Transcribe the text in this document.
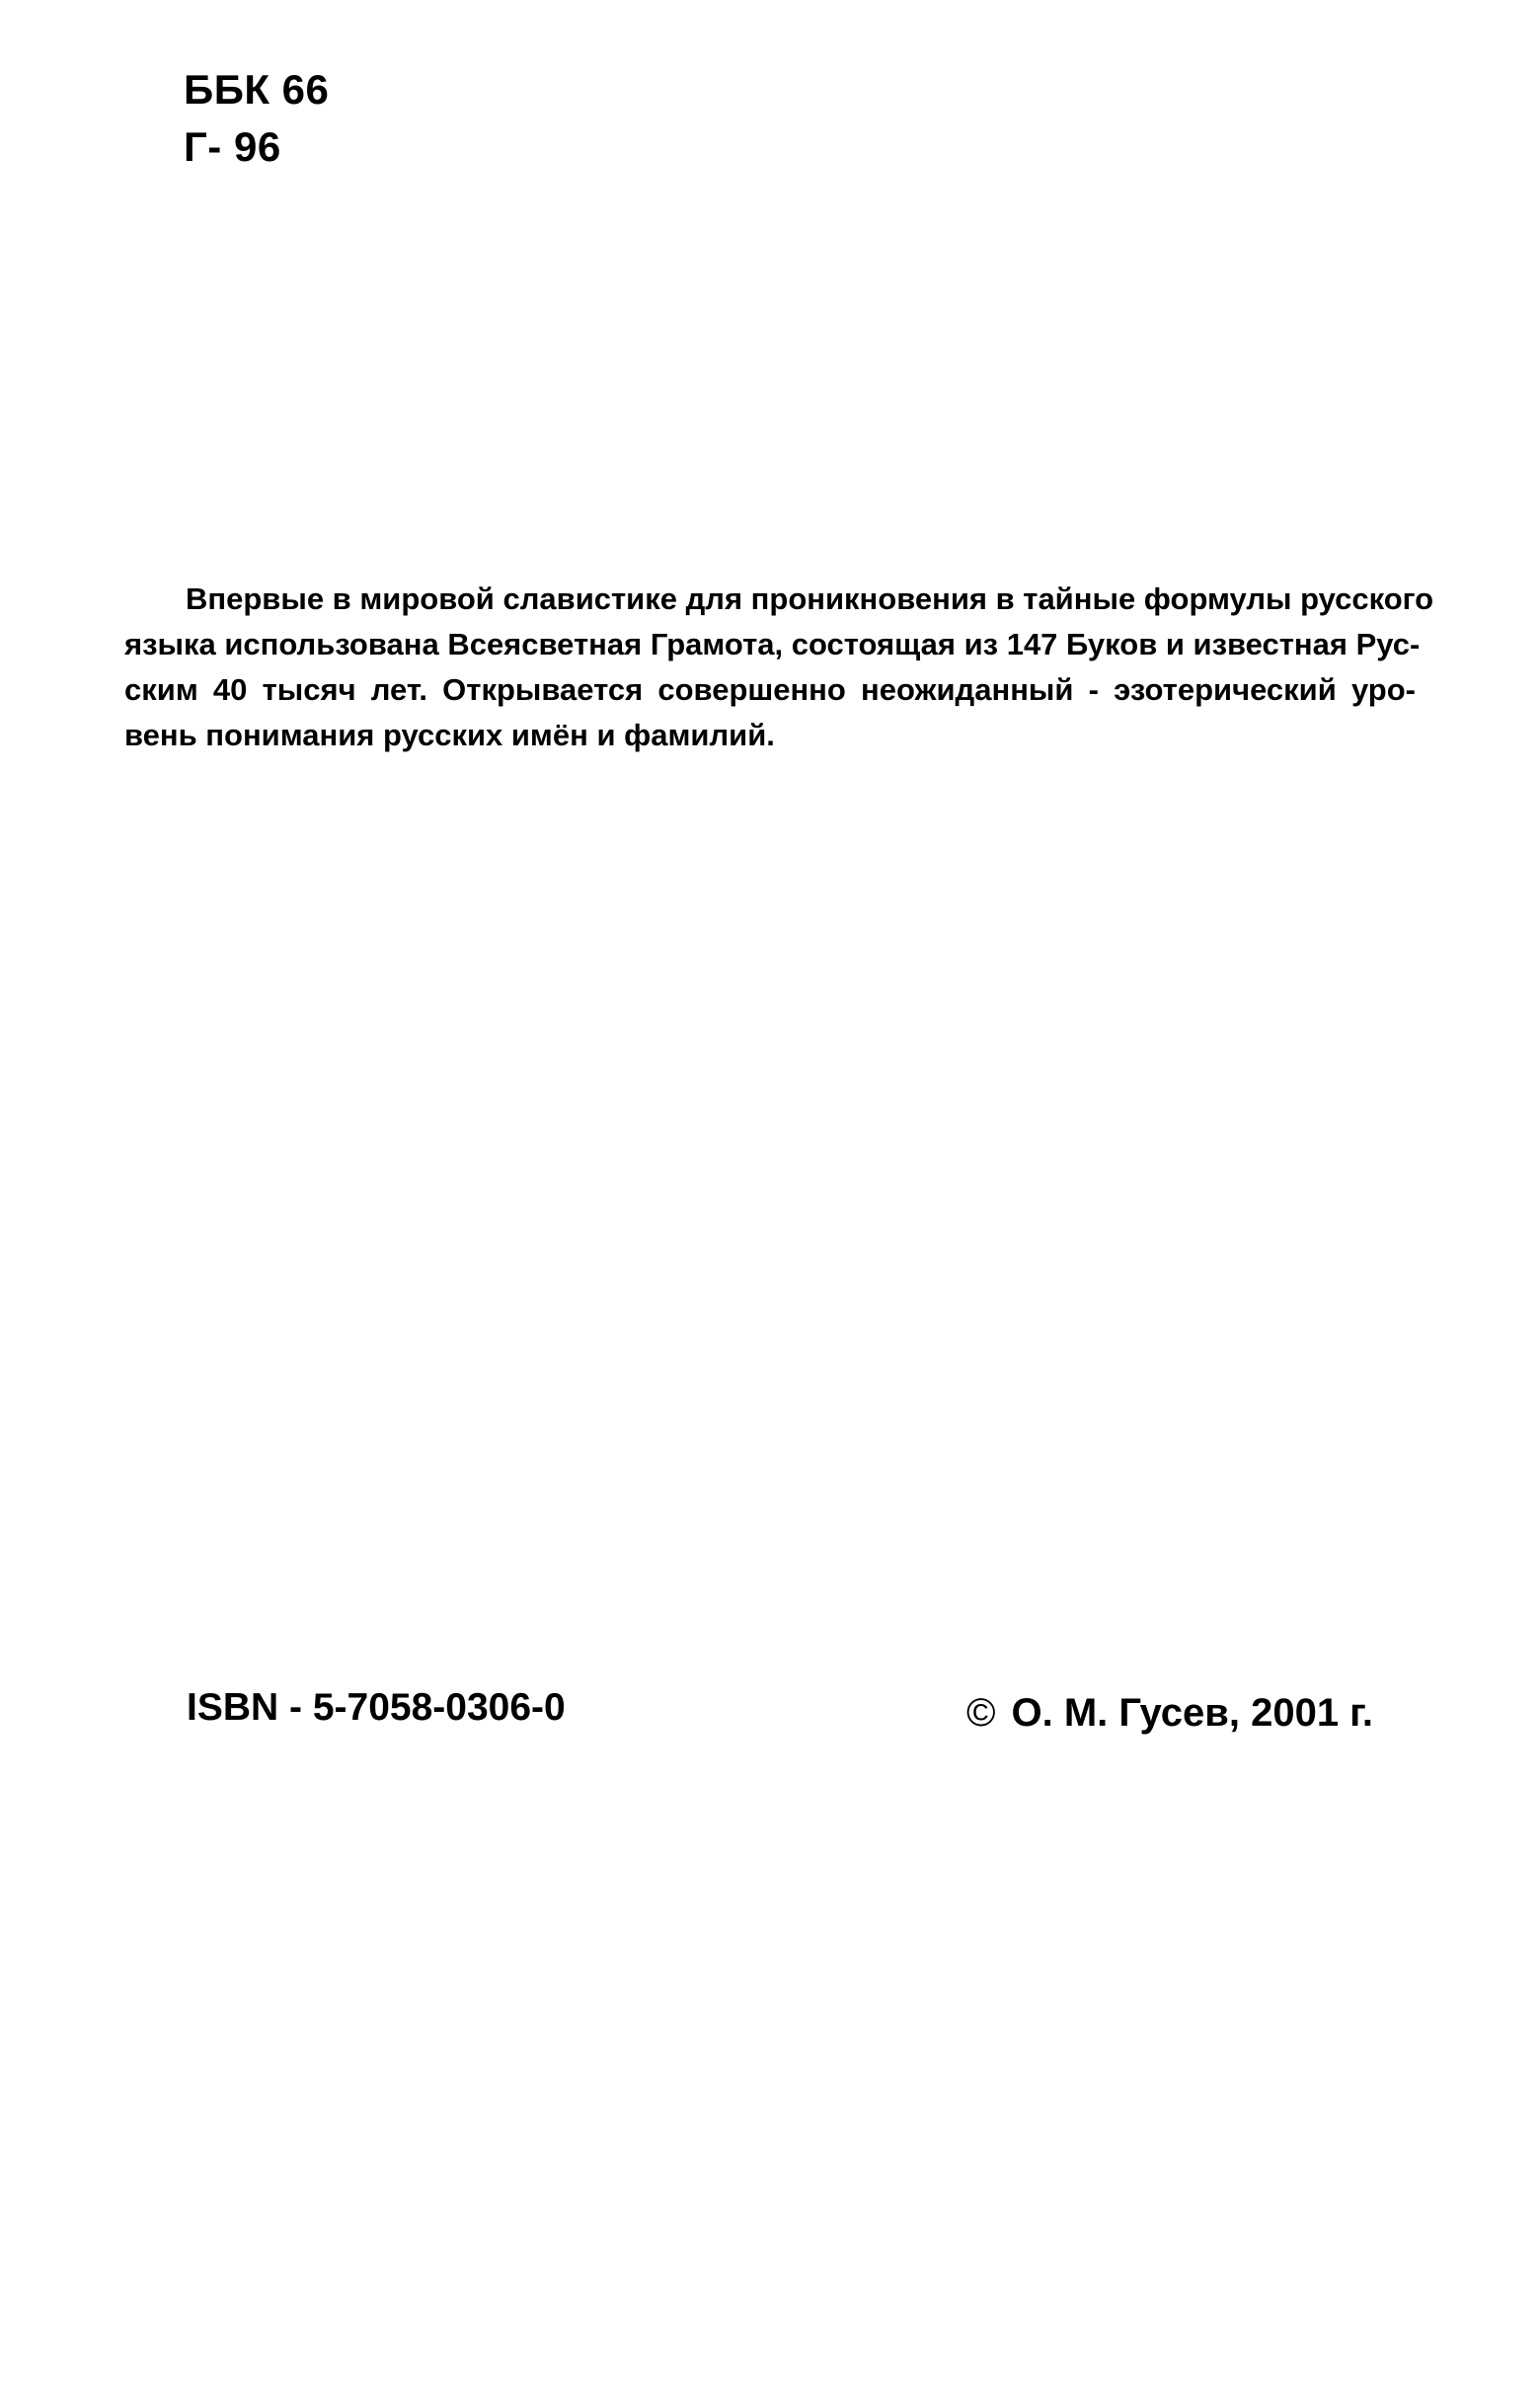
ББК 66
Г- 96

Впервые в мировой славистике для проникновения в тайные формулы русского
языка использована Всеясветная Грамота, состоящая из 147 Буков и известная Рус-
ским 40 тысяч лет. Открывается совершенно неожиданный - эзотерический уро-
вень понимания русских имён и фамилий.

ISBN - 5-7058-0306-0	© О. М. Гусев, 2001 г.
